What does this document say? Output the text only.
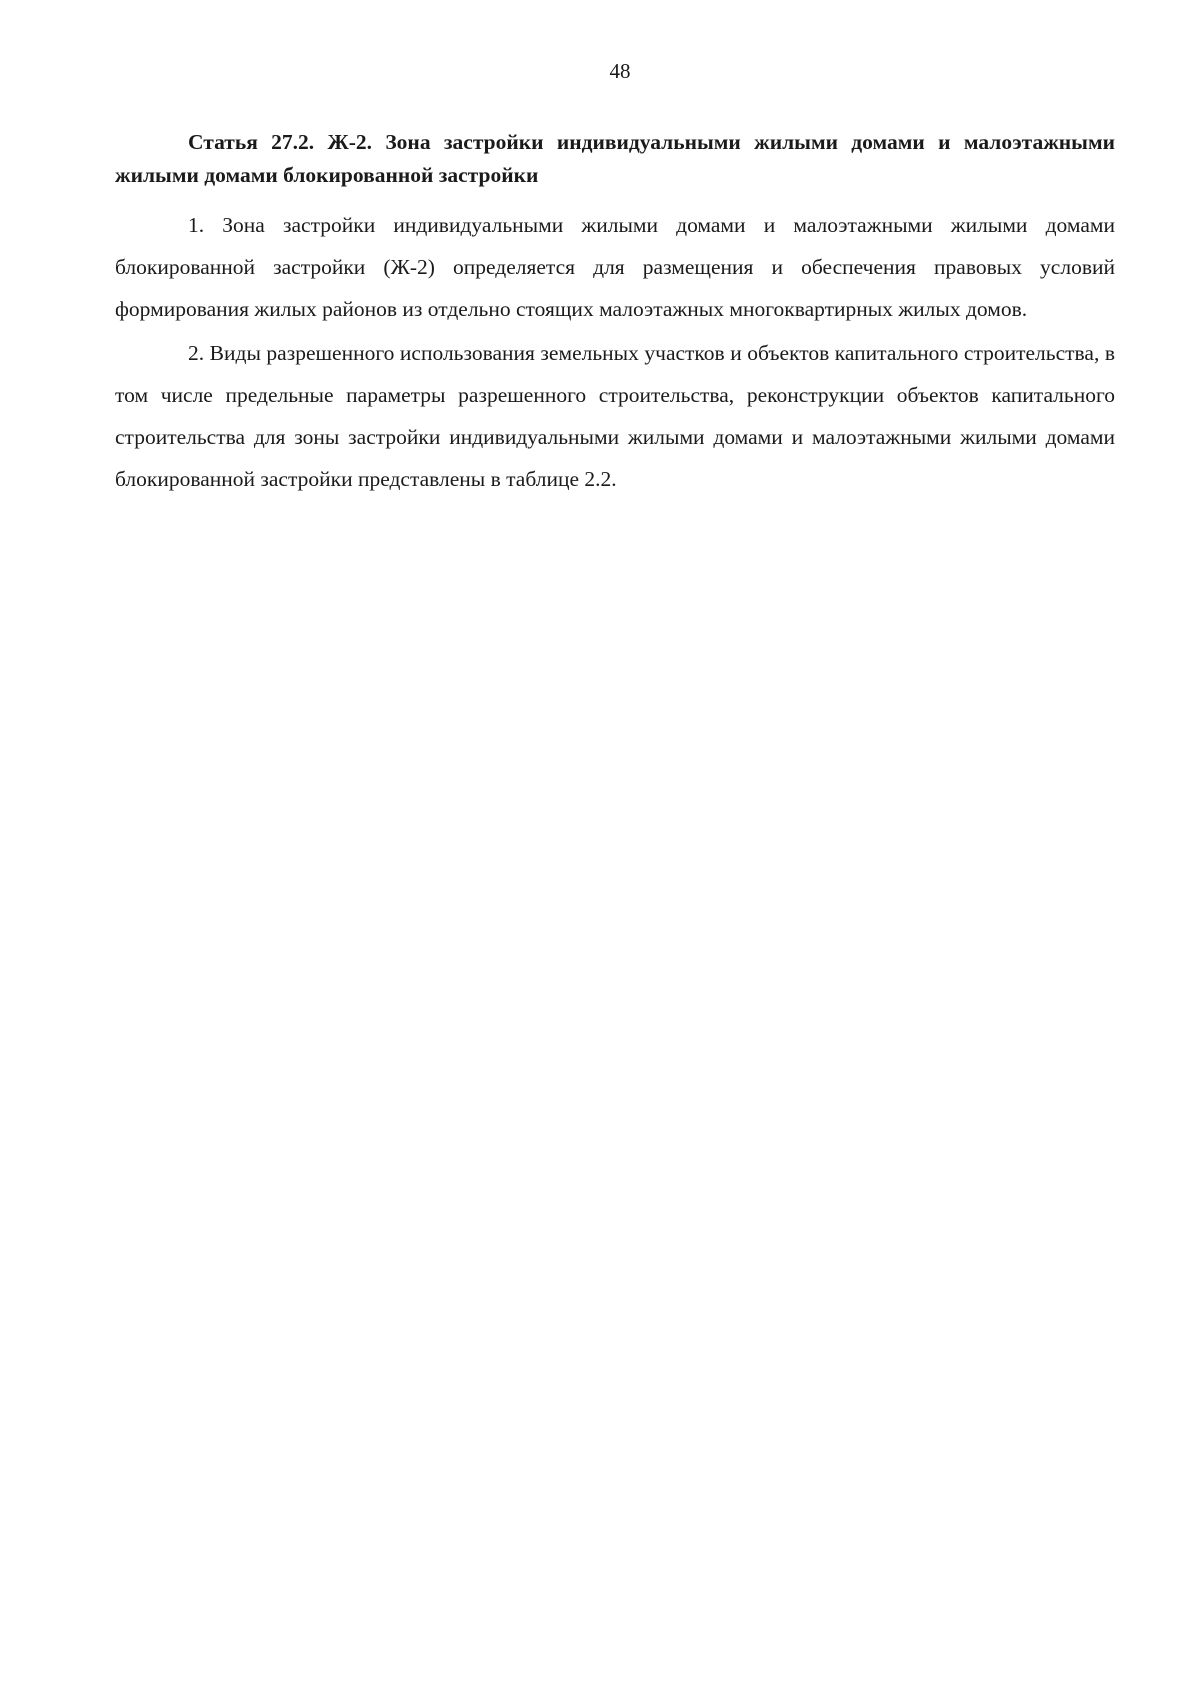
48

Статья 27.2. Ж-2. Зона застройки индивидуальными жилыми домами и малоэтажными жилыми домами блокированной застройки

1. Зона застройки индивидуальными жилыми домами и малоэтажными жилыми домами блокированной застройки (Ж-2) определяется для размещения и обеспечения правовых условий формирования жилых районов из отдельно стоящих малоэтажных многоквартирных жилых домов.

2. Виды разрешенного использования земельных участков и объектов капитального строительства, в том числе предельные параметры разрешенного строительства, реконструкции объектов капитального строительства для зоны застройки индивидуальными жилыми домами и малоэтажными жилыми домами блокированной застройки представлены в таблице 2.2.
